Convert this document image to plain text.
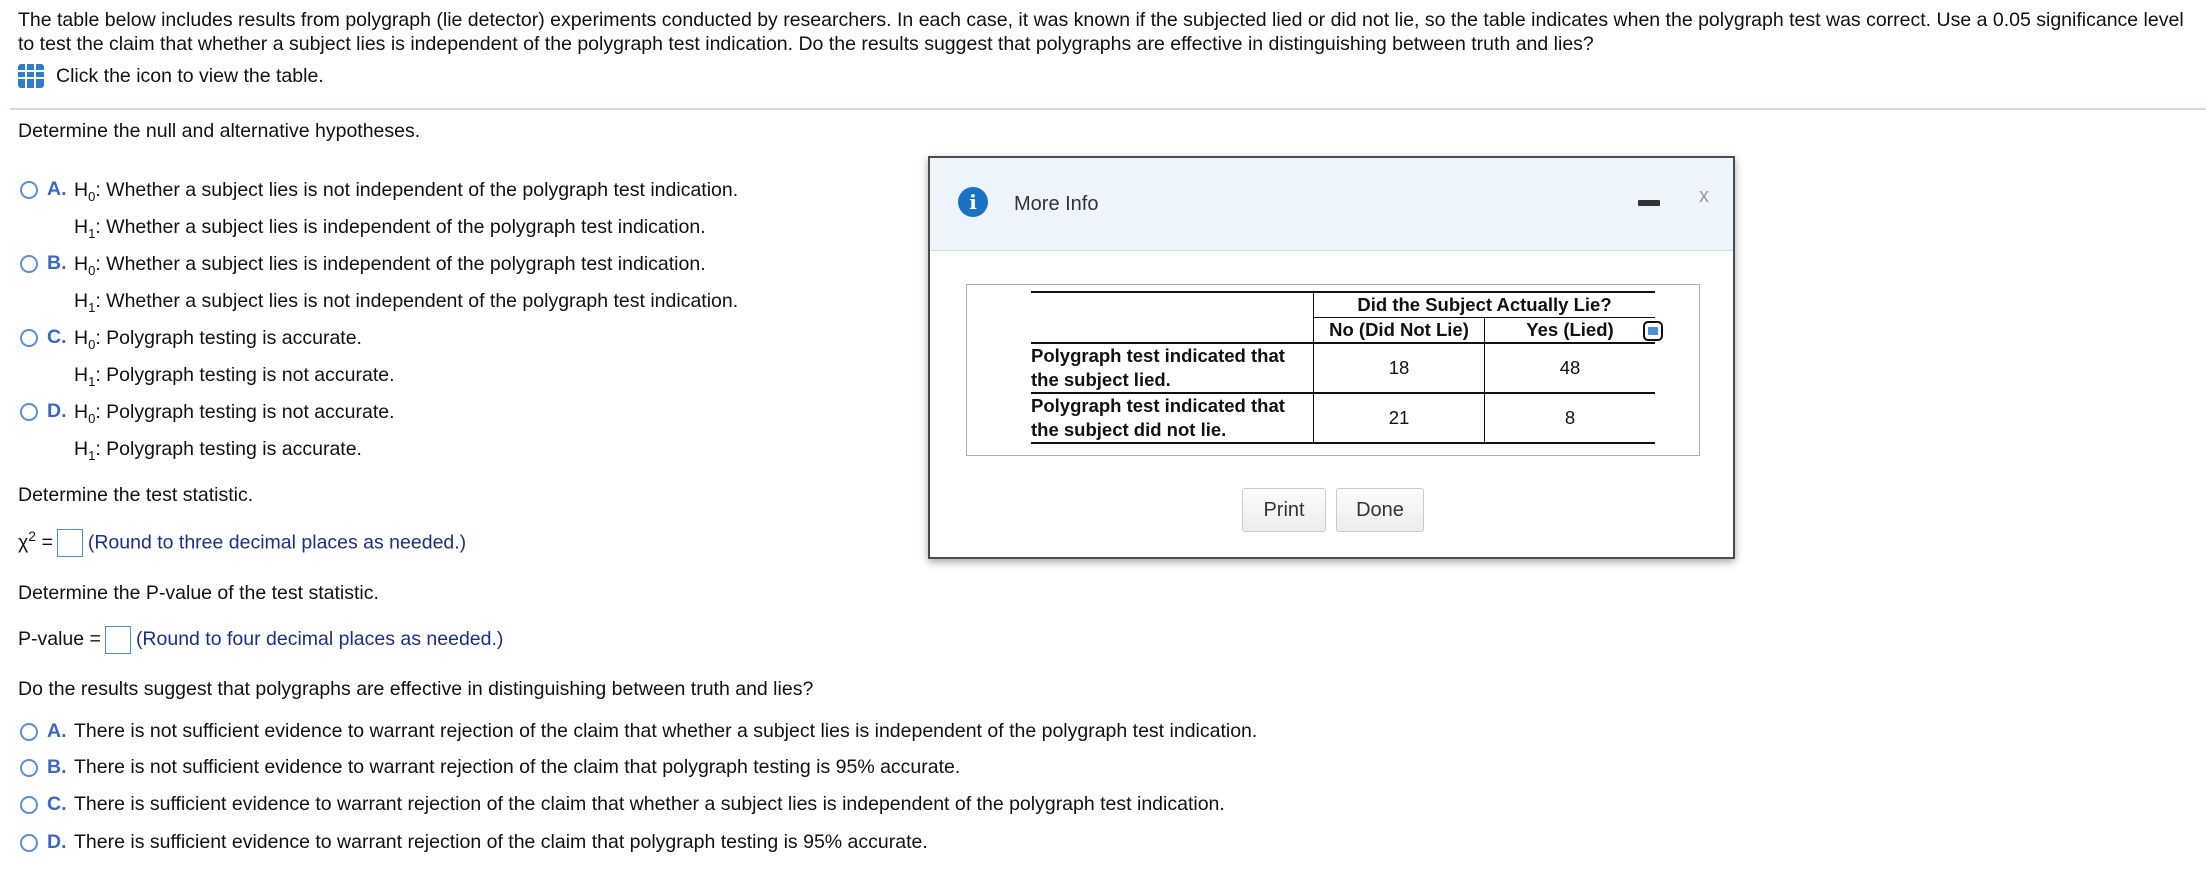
The table below includes results from polygraph (lie detector) experiments conducted by researchers. In each case, it was known if the subjected lied or did not lie, so the table indicates when the polygraph test was correct. Use a 0.05 significance level to test the claim that whether a subject lies is independent of the polygraph test indication. Do the results suggest that polygraphs are effective in distinguishing between truth and lies?
Click the icon to view the table.
Determine the null and alternative hypotheses.
A. $H_0$: Whether a subject lies is not independent of the polygraph test indication.
$H_1$: Whether a subject lies is independent of the polygraph test indication.
B. $H_0$: Whether a subject lies is independent of the polygraph test indication.
$H_1$: Whether a subject lies is not independent of the polygraph test indication.
C. $H_0$: Polygraph testing is accurate.
$H_1$: Polygraph testing is not accurate.
D. $H_0$: Polygraph testing is not accurate.
$H_1$: Polygraph testing is accurate.
Determine the test statistic.
$\chi^2$ = (Round to three decimal places as needed.)
Determine the P-value of the test statistic.
P-value = (Round to four decimal places as needed.)
Do the results suggest that polygraphs are effective in distinguishing between truth and lies?
A. There is not sufficient evidence to warrant rejection of the claim that whether a subject lies is independent of the polygraph test indication.
B. There is not sufficient evidence to warrant rejection of the claim that polygraph testing is 95% accurate.
C. There is sufficient evidence to warrant rejection of the claim that whether a subject lies is independent of the polygraph test indication.
D. There is sufficient evidence to warrant rejection of the claim that polygraph testing is 95% accurate.
i	More Info	x
	Did the Subject Actually Lie?	
	No (Did Not Lie)	Yes (Lied)

Polygraph test indicated that
the subject lied.	18	48

Polygraph test indicated that
the subject did not lie.	21	8
Print	Done
